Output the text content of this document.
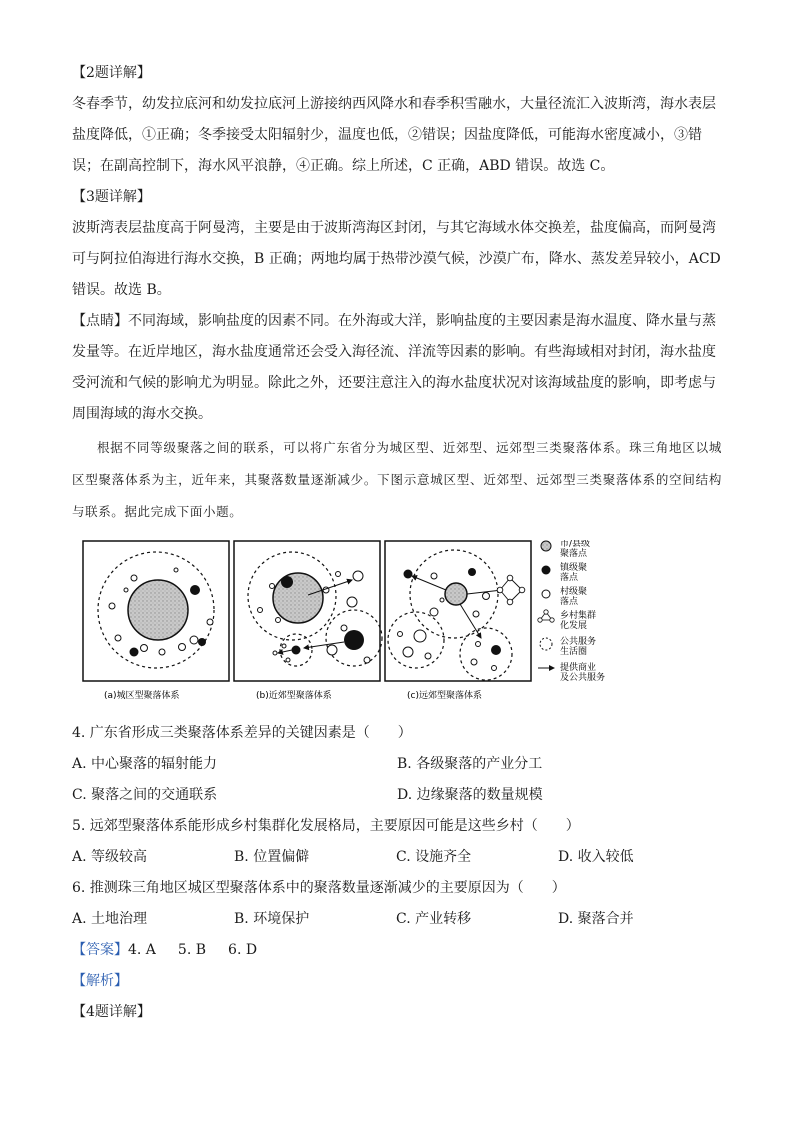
【2题详解】
冬春季节，幼发拉底河和幼发拉底河上游接纳西风降水和春季积雪融水，大量径流汇入波斯湾，海水表层
盐度降低，①正确；冬季接受太阳辐射少，温度也低，②错误；因盐度降低，可能海水密度减小，③错
误；在副高控制下，海水风平浪静，④正确。综上所述，C 正确，ABD 错误。故选 C。
【3题详解】
波斯湾表层盐度高于阿曼湾，主要是由于波斯湾海区封闭，与其它海域水体交换差，盐度偏高，而阿曼湾
可与阿拉伯海进行海水交换，B 正确；两地均属于热带沙漠气候，沙漠广布，降水、蒸发差异较小，ACD
错误。故选 B。
【点睛】不同海域，影响盐度的因素不同。在外海或大洋，影响盐度的主要因素是海水温度、降水量与蒸
发量等。在近岸地区，海水盐度通常还会受入海径流、洋流等因素的影响。有些海域相对封闭，海水盐度
受河流和气候的影响尤为明显。除此之外，还要注意注入的海水盐度状况对该海域盐度的影响，即考虑与
周围海域的海水交换。
根据不同等级聚落之间的联系，可以将广东省分为城区型、近郊型、远郊型三类聚落体系。珠三角地区以城区型聚落体系为主，近年来，其聚落数量逐渐减少。下图示意城区型、近郊型、远郊型三类聚落体系的空间结构与联系。据此完成下面小题。
市/县级
聚落点
镇级聚
落点
村级聚
落点
乡村集群
化发展
公共服务
生活圈
提供商业
及公共服务
(a)城区型聚落体系	(b)近郊型聚落体系	(c)远郊型聚落体系
4. 广东省形成三类聚落体系差异的关键因素是（　　）
A. 中心聚落的辐射能力	B. 各级聚落的产业分工
C. 聚落之间的交通联系	D. 边缘聚落的数量规模
5. 远郊型聚落体系能形成乡村集群化发展格局，主要原因可能是这些乡村（　　）
A. 等级较高	B. 位置偏僻	C. 设施齐全	D. 收入较低
6. 推测珠三角地区城区型聚落体系中的聚落数量逐渐减少的主要原因为（　　）
A. 土地治理	B. 环境保护	C. 产业转移	D. 聚落合并
【答案】4. A 5. B 6. D
【解析】
【4题详解】
